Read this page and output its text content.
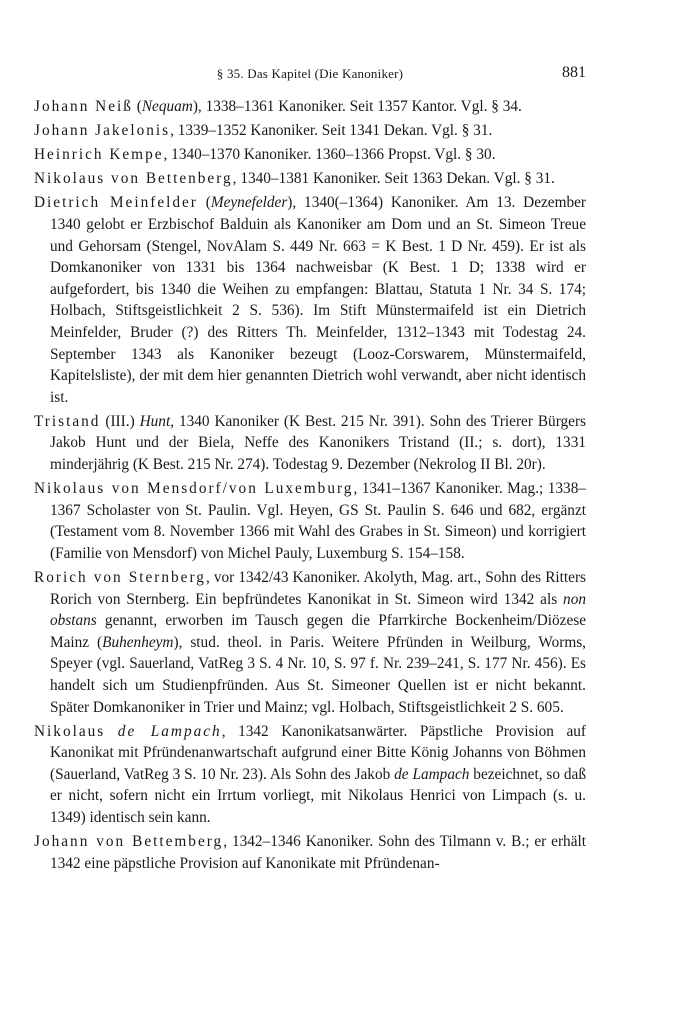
§ 35. Das Kapitel (Die Kanoniker)	881

Johann Neiß (Nequam), 1338–1361 Kanoniker. Seit 1357 Kantor. Vgl. § 34.

Johann Jakelonis, 1339–1352 Kanoniker. Seit 1341 Dekan. Vgl. § 31.

Heinrich Kempe, 1340–1370 Kanoniker. 1360–1366 Propst. Vgl. § 30.

Nikolaus von Bettenberg, 1340–1381 Kanoniker. Seit 1363 Dekan. Vgl. § 31.

Dietrich Meinfelder (Meynefelder), 1340(–1364) Kanoniker. Am 13. Dezember 1340 gelobt er Erzbischof Balduin als Kanoniker am Dom und an St. Simeon Treue und Gehorsam (Stengel, NovAlam S. 449 Nr. 663 = K Best. 1 D Nr. 459). Er ist als Domkanoniker von 1331 bis 1364 nachweisbar (K Best. 1 D; 1338 wird er aufgefordert, bis 1340 die Weihen zu empfangen: Blattau, Statuta 1 Nr. 34 S. 174; Holbach, Stiftsgeistlichkeit 2 S. 536). Im Stift Münstermaifeld ist ein Dietrich Meinfelder, Bruder (?) des Ritters Th. Meinfelder, 1312–1343 mit Todestag 24. September 1343 als Kanoniker bezeugt (Looz-Corswarem, Münstermaifeld, Kapitelsliste), der mit dem hier genannten Dietrich wohl verwandt, aber nicht identisch ist.

Tristand (III.) Hunt, 1340 Kanoniker (K Best. 215 Nr. 391). Sohn des Trierer Bürgers Jakob Hunt und der Biela, Neffe des Kanonikers Tristand (II.; s. dort), 1331 minderjährig (K Best. 215 Nr. 274). Todestag 9. Dezember (Nekrolog II Bl. 20r).

Nikolaus von Mensdorf/von Luxemburg, 1341–1367 Kanoniker. Mag.; 1338–1367 Scholaster von St. Paulin. Vgl. Heyen, GS St. Paulin S. 646 und 682, ergänzt (Testament vom 8. November 1366 mit Wahl des Grabes in St. Simeon) und korrigiert (Familie von Mensdorf) von Michel Pauly, Luxemburg S. 154–158.

Rorich von Sternberg, vor 1342/43 Kanoniker. Akolyth, Mag. art., Sohn des Ritters Rorich von Sternberg. Ein bepfründetes Kanonikat in St. Simeon wird 1342 als non obstans genannt, erworben im Tausch gegen die Pfarrkirche Bockenheim/Diözese Mainz (Buhenheym), stud. theol. in Paris. Weitere Pfründen in Weilburg, Worms, Speyer (vgl. Sauerland, VatReg 3 S. 4 Nr. 10, S. 97 f. Nr. 239–241, S. 177 Nr. 456). Es handelt sich um Studienpfründen. Aus St. Simeoner Quellen ist er nicht bekannt. Später Domkanoniker in Trier und Mainz; vgl. Holbach, Stiftsgeistlichkeit 2 S. 605.

Nikolaus de Lampach, 1342 Kanonikatsanwärter. Päpstliche Provision auf Kanonikat mit Pfründenanwartschaft aufgrund einer Bitte König Johanns von Böhmen (Sauerland, VatReg 3 S. 10 Nr. 23). Als Sohn des Jakob de Lampach bezeichnet, so daß er nicht, sofern nicht ein Irrtum vorliegt, mit Nikolaus Henrici von Limpach (s. u. 1349) identisch sein kann.

Johann von Bettemberg, 1342–1346 Kanoniker. Sohn des Tilmann v. B.; er erhält 1342 eine päpstliche Provision auf Kanonikate mit Pfründenan-
